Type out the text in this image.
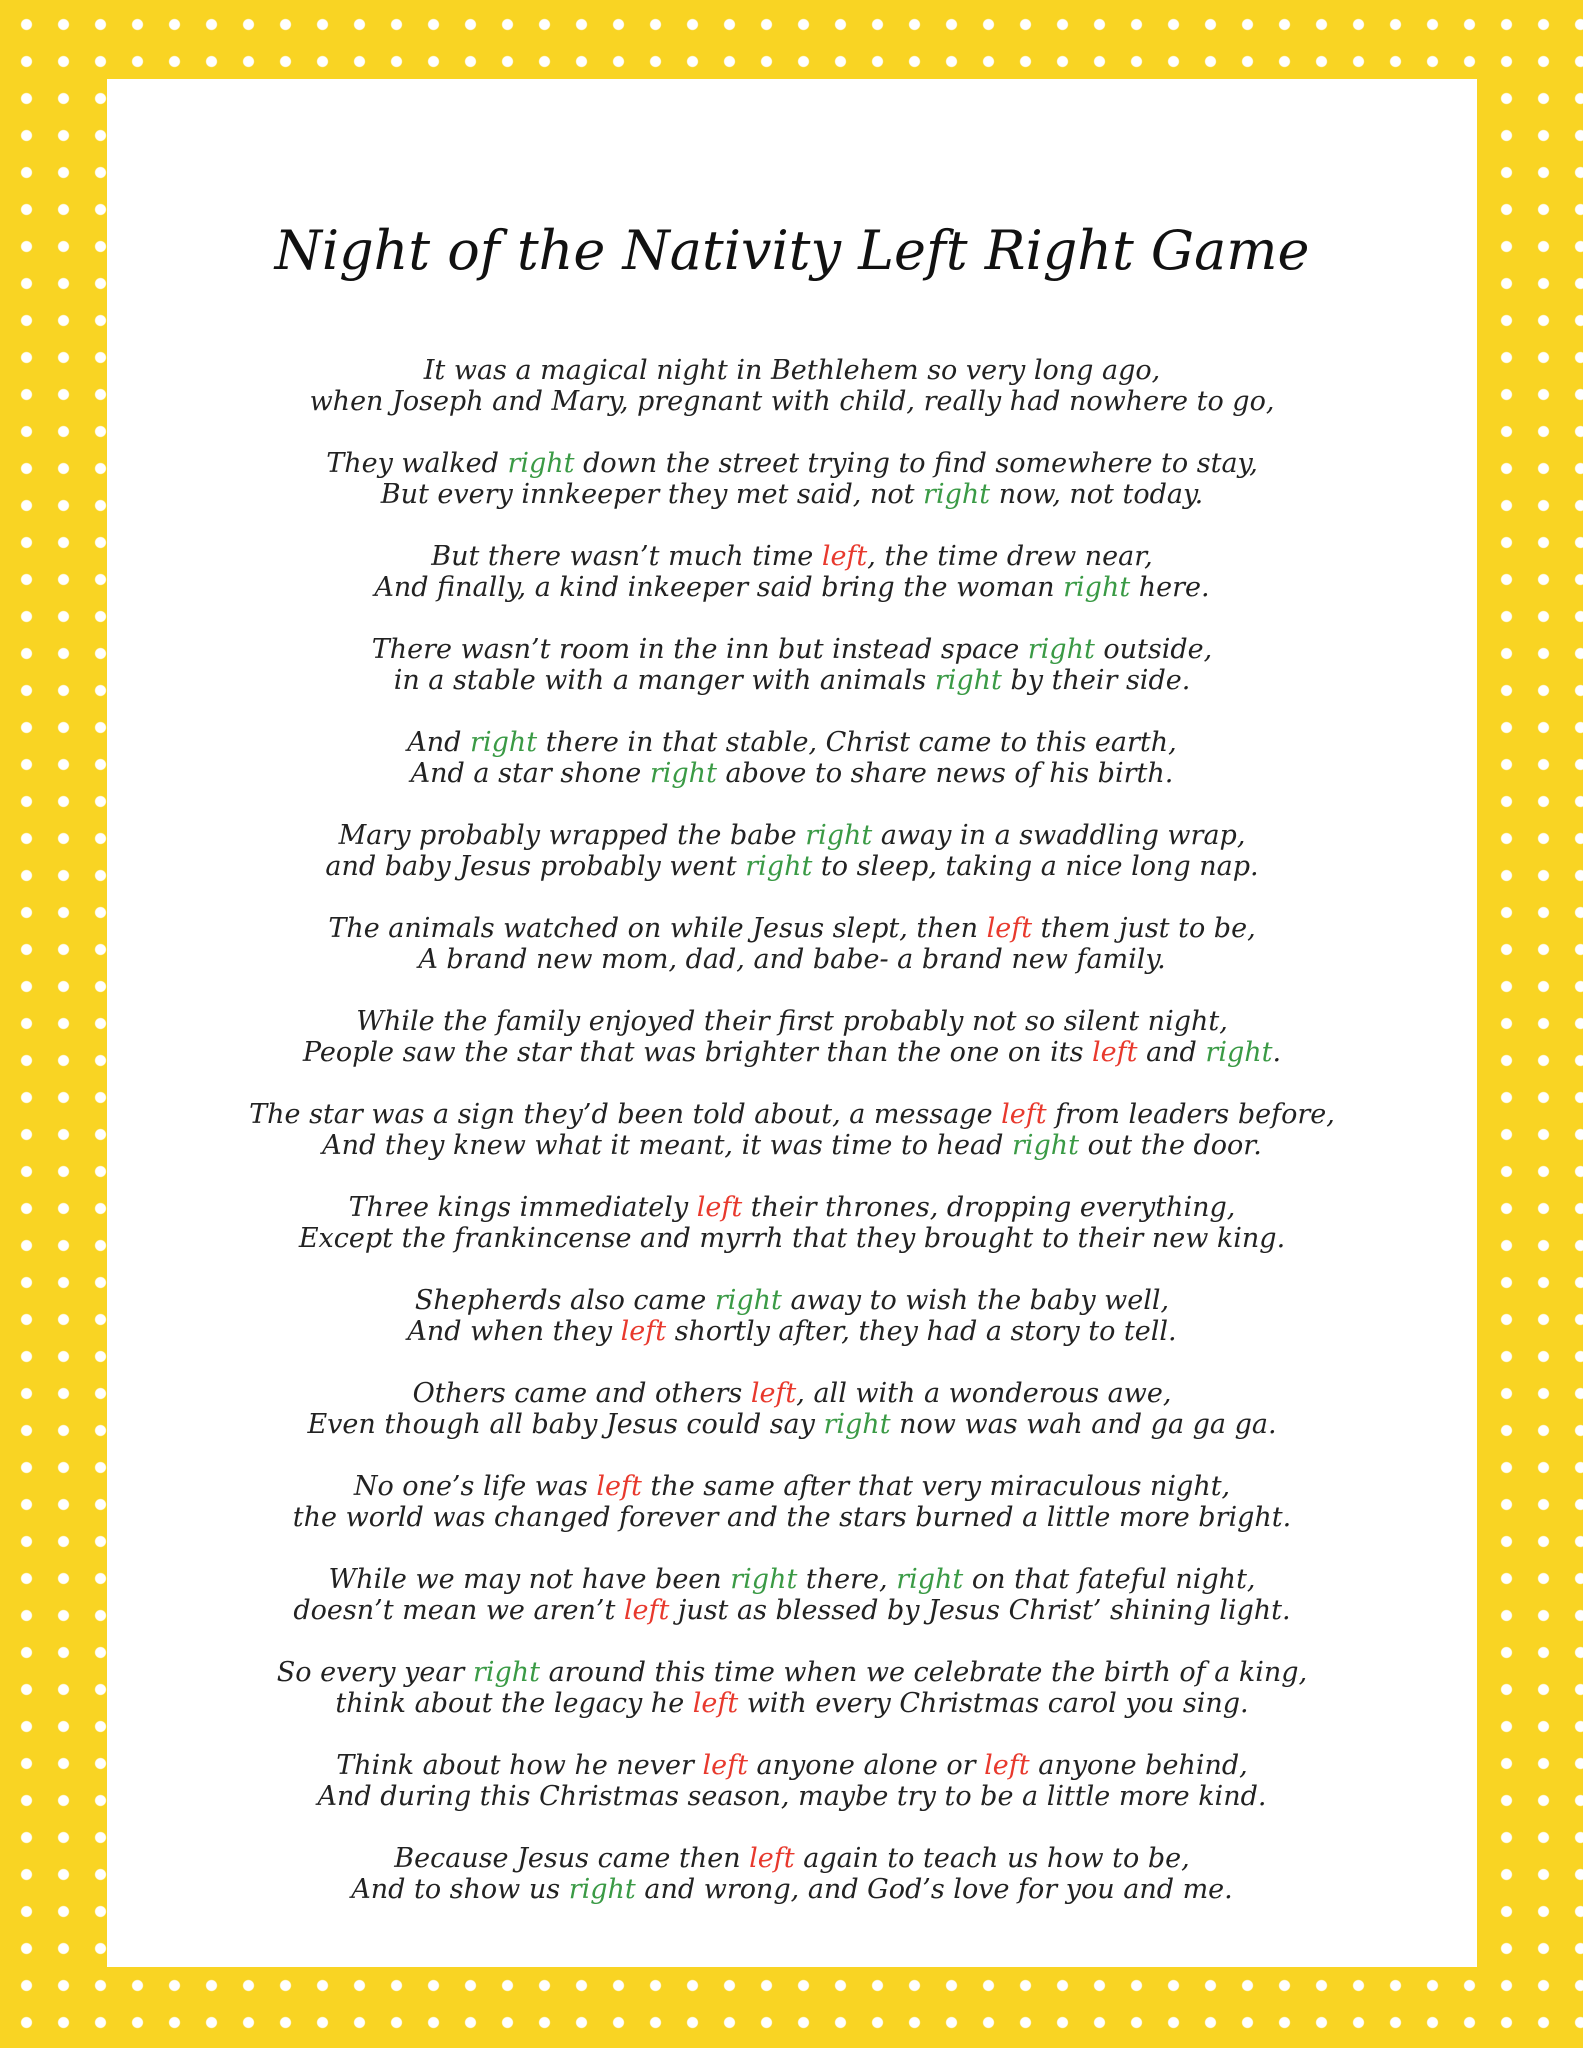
Night of the Nativity Left Right Game
It was a magical night in Bethlehem so very long ago,
when Joseph and Mary, pregnant with child, really had nowhere to go,
They walked right down the street trying to find somewhere to stay,
But every innkeeper they met said, not right now, not today.
But there wasn’t much time left, the time drew near,
And finally, a kind inkeeper said bring the woman right here.
There wasn’t room in the inn but instead space right outside,
in a stable with a manger with animals right by their side.
And right there in that stable, Christ came to this earth,
And a star shone right above to share news of his birth.
Mary probably wrapped the babe right away in a swaddling wrap,
and baby Jesus probably went right to sleep, taking a nice long nap.
The animals watched on while Jesus slept, then left them just to be,
A brand new mom, dad, and babe- a brand new family.
While the family enjoyed their first probably not so silent night,
People saw the star that was brighter than the one on its left and right.
The star was a sign they’d been told about, a message left from leaders before,
And they knew what it meant, it was time to head right out the door.
Three kings immediately left their thrones, dropping everything,
Except the frankincense and myrrh that they brought to their new king.
Shepherds also came right away to wish the baby well,
And when they left shortly after, they had a story to tell.
Others came and others left, all with a wonderous awe,
Even though all baby Jesus could say right now was wah and ga ga ga.
No one’s life was left the same after that very miraculous night,
the world was changed forever and the stars burned a little more bright.
While we may not have been right there, right on that fateful night,
doesn’t mean we aren’t left just as blessed by Jesus Christ’ shining light.
So every year right around this time when we celebrate the birth of a king,
think about the legacy he left with every Christmas carol you sing.
Think about how he never left anyone alone or left anyone behind,
And during this Christmas season, maybe try to be a little more kind.
Because Jesus came then left again to teach us how to be,
And to show us right and wrong, and God’s love for you and me.
